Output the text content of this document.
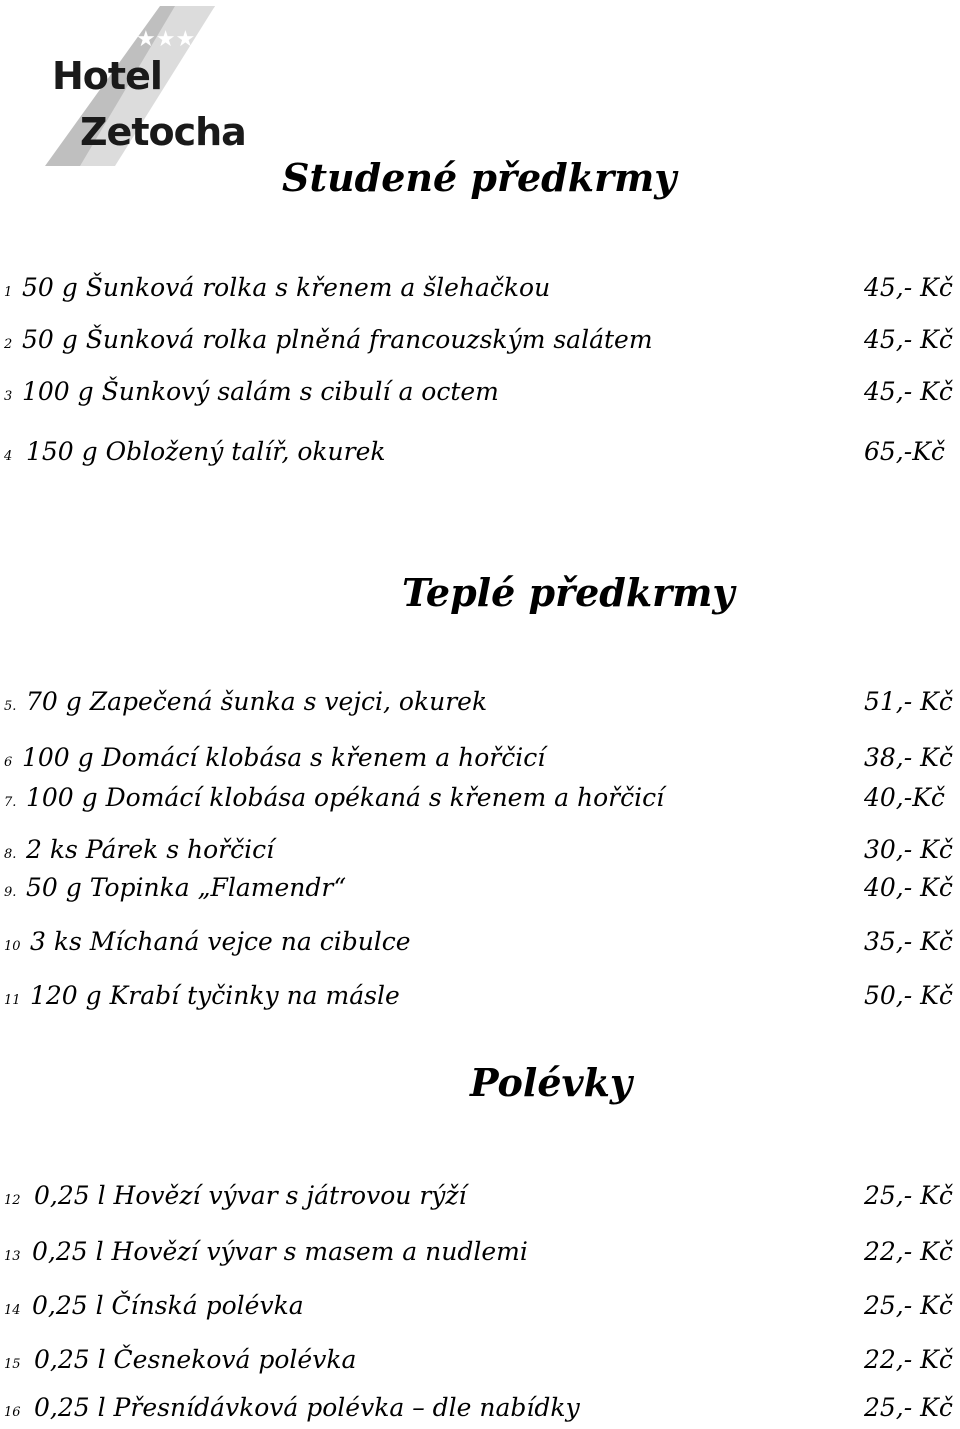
★★★
Hotel
Zetocha
Studené předkrmy
1 50 g Šunková rolka s křenem a šlehačkou	45,- Kč
2 50 g Šunková rolka plněná francouzským salátem	45,- Kč
3 100 g Šunkový salám s cibulí a octem	45,- Kč
4 150 g Obložený talíř, okurek	65,-Kč
Teplé předkrmy
5. 70 g Zapečená šunka s vejci, okurek	51,- Kč
6 100 g Domácí klobása s křenem a hořčicí	38,- Kč
7. 100 g Domácí klobása opékaná s křenem a hořčicí	40,-Kč
8. 2 ks Párek s hořčicí	30,- Kč
9. 50 g Topinka „Flamendr“	40,- Kč
10 3 ks Míchaná vejce na cibulce	35,- Kč
11 120 g Krabí tyčinky na másle	50,- Kč
Polévky
12 0,25 l Hovězí vývar s játrovou rýží	25,- Kč
13 0,25 l Hovězí vývar s masem a nudlemi	22,- Kč
14 0,25 l Čínská polévka	25,- Kč
15 0,25 l Česneková polévka	22,- Kč
16 0,25 l Přesnídávková polévka – dle nabídky	25,- Kč
